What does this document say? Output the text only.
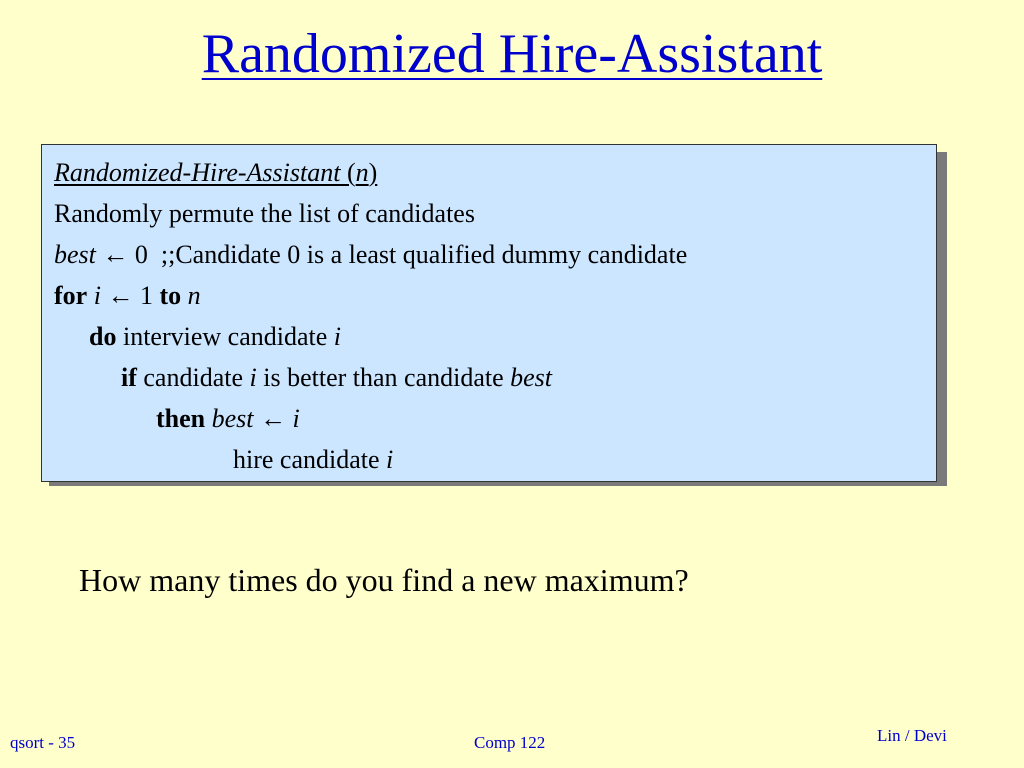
Randomized Hire-Assistant
Randomized-Hire-Assistant (n)
Randomly permute the list of candidates
best ← 0  ;;Candidate 0 is a least qualified dummy candidate
for i ← 1 to n
do interview candidate i
if candidate i is better than candidate best
then best ← i
hire candidate i
How many times do you find a new maximum?
qsort - 35	Comp 122	Lin / Devi
